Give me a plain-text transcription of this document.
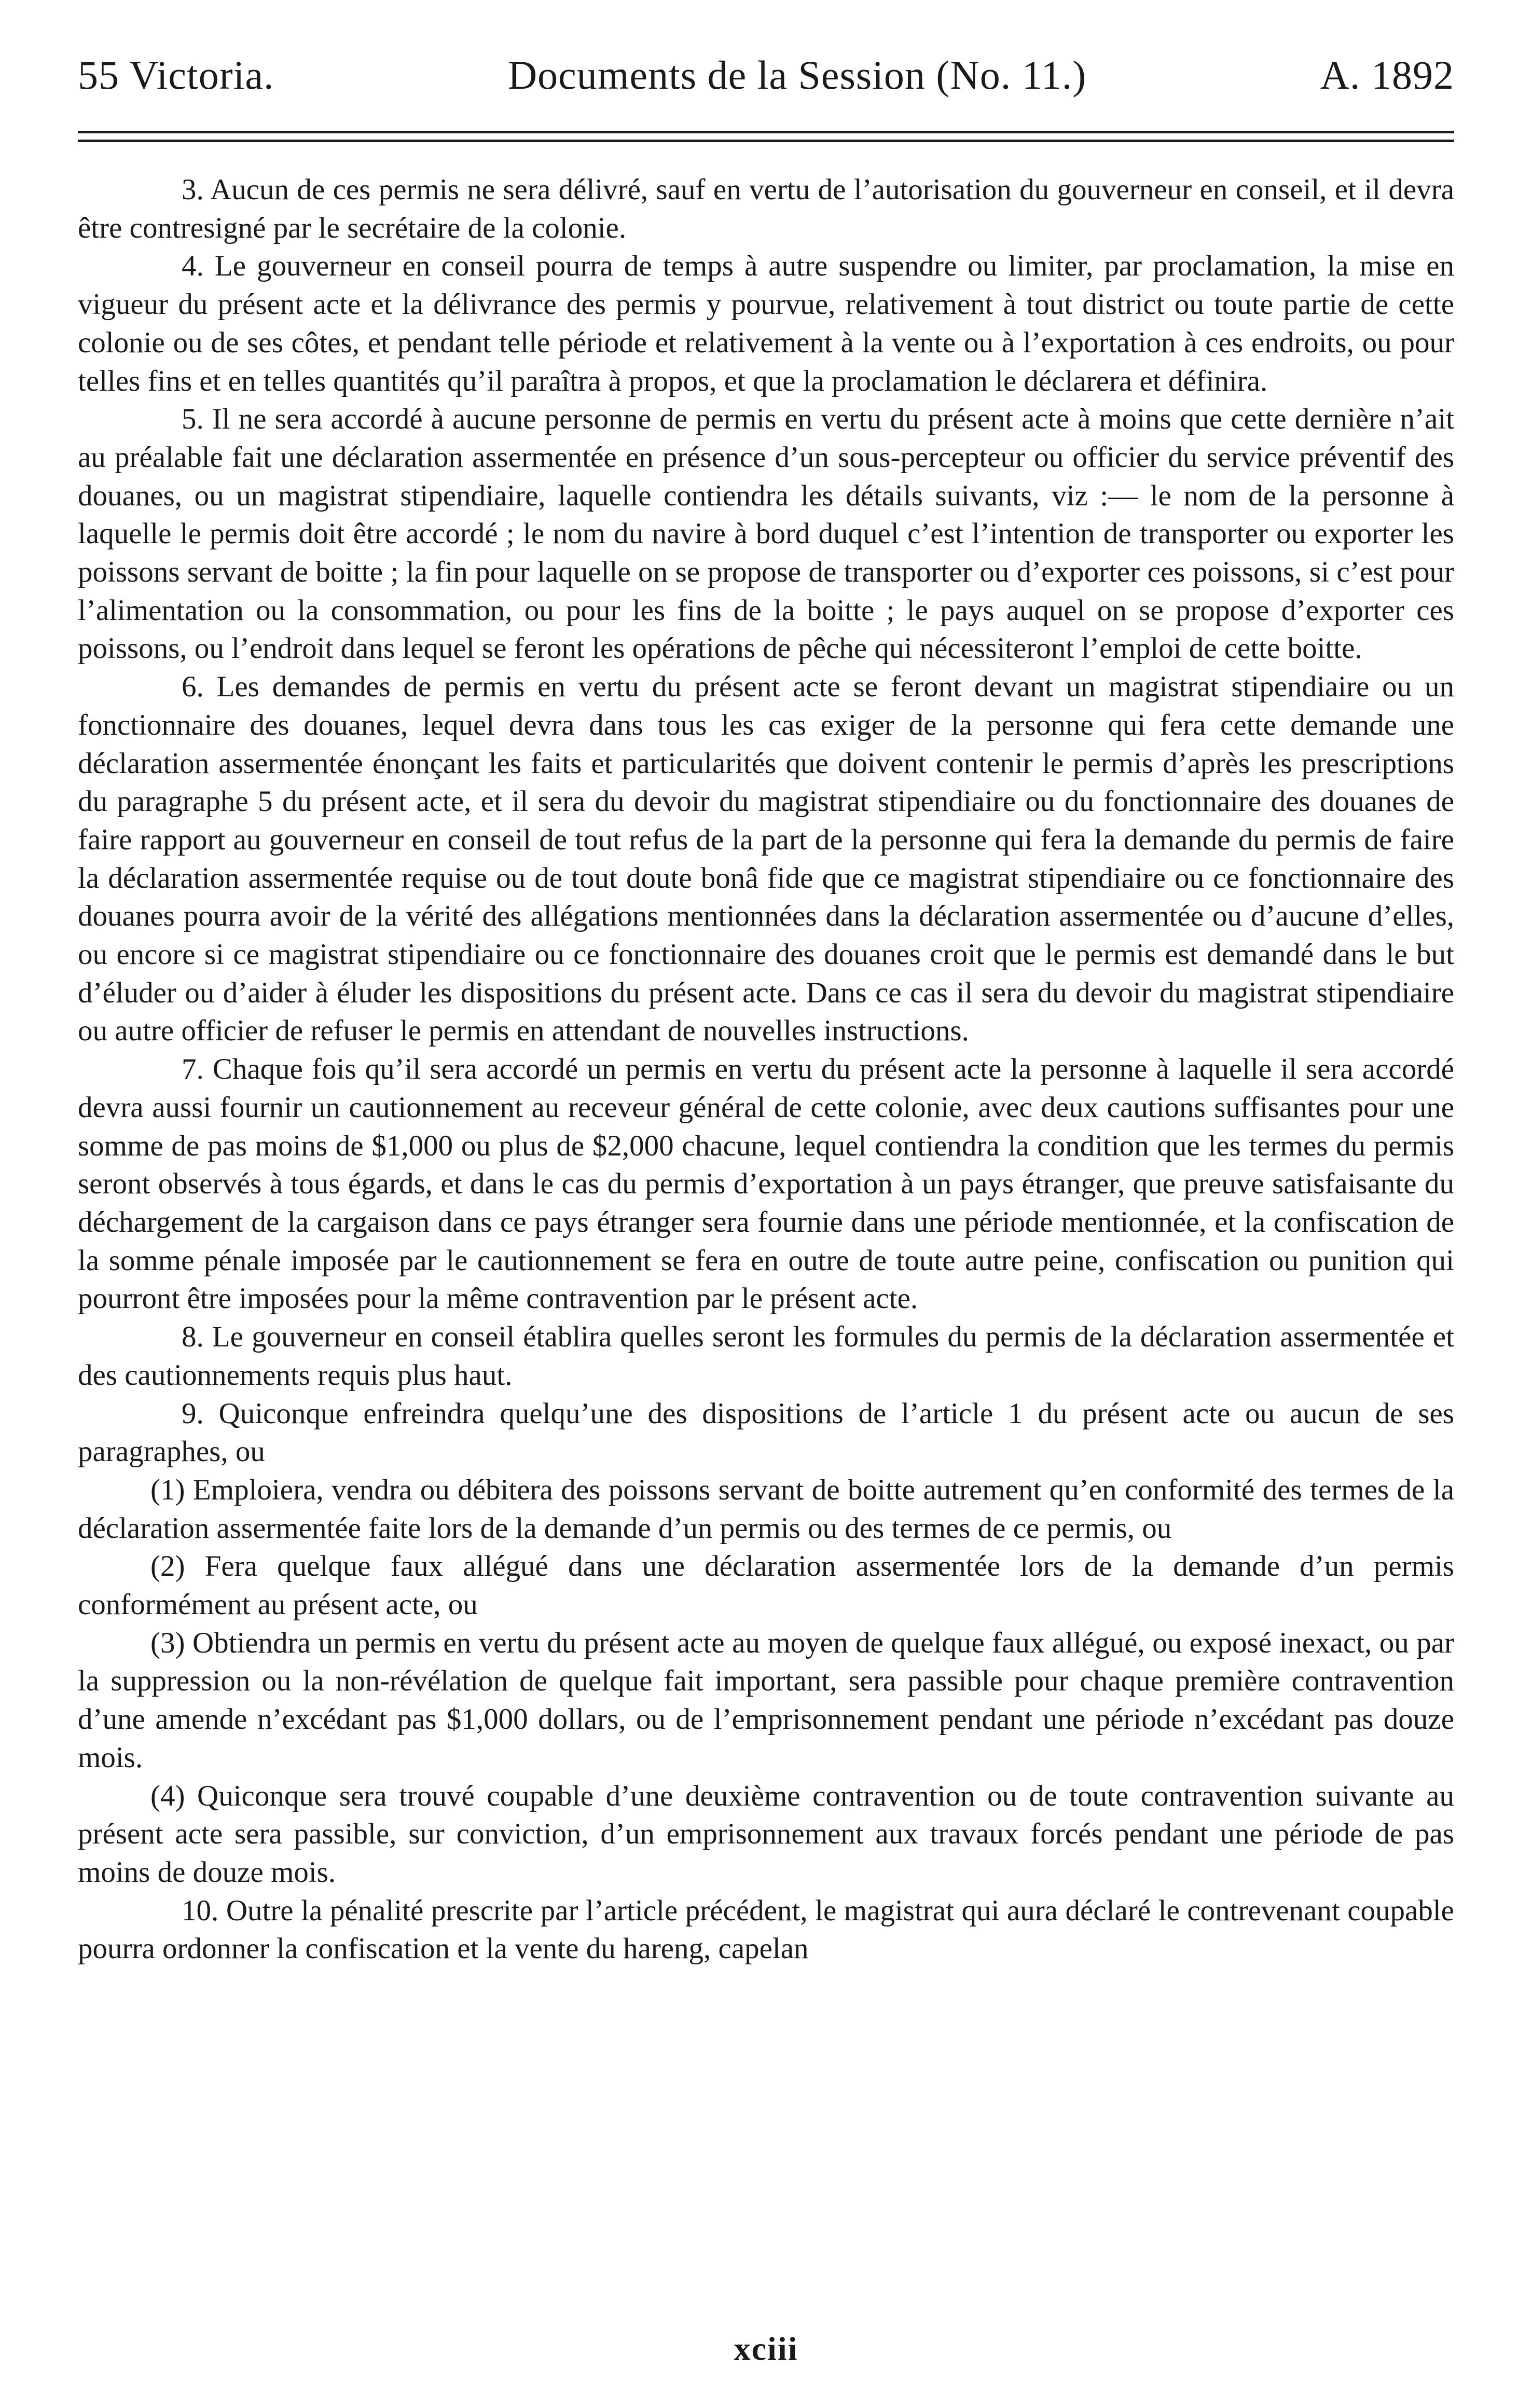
55 Victoria.	Documents de la Session (No. 11.)	A. 1892

3. Aucun de ces permis ne sera délivré, sauf en vertu de l’autorisation du gouverneur en conseil, et il devra être contresigné par le secrétaire de la colonie.

4. Le gouverneur en conseil pourra de temps à autre suspendre ou limiter, par proclamation, la mise en vigueur du présent acte et la délivrance des permis y pourvue, relativement à tout district ou toute partie de cette colonie ou de ses côtes, et pendant telle période et relativement à la vente ou à l’exportation à ces endroits, ou pour telles fins et en telles quantités qu’il paraîtra à propos, et que la proclamation le déclarera et définira.

5. Il ne sera accordé à aucune personne de permis en vertu du présent acte à moins que cette dernière n’ait au préalable fait une déclaration assermentée en présence d’un sous-percepteur ou officier du service préventif des douanes, ou un magistrat stipendiaire, laquelle contiendra les détails suivants, viz :— le nom de la personne à laquelle le permis doit être accordé ; le nom du navire à bord duquel c’est l’intention de transporter ou exporter les poissons servant de boitte ; la fin pour laquelle on se propose de transporter ou d’exporter ces poissons, si c’est pour l’alimentation ou la consommation, ou pour les fins de la boitte ; le pays auquel on se propose d’exporter ces poissons, ou l’endroit dans lequel se feront les opérations de pêche qui nécessiteront l’emploi de cette boitte.

6. Les demandes de permis en vertu du présent acte se feront devant un magistrat stipendiaire ou un fonctionnaire des douanes, lequel devra dans tous les cas exiger de la personne qui fera cette demande une déclaration assermentée énonçant les faits et particularités que doivent contenir le permis d’après les prescriptions du paragraphe 5 du présent acte, et il sera du devoir du magistrat stipendiaire ou du fonctionnaire des douanes de faire rapport au gouverneur en conseil de tout refus de la part de la personne qui fera la demande du permis de faire la déclaration assermentée requise ou de tout doute bonâ fide que ce magistrat stipendiaire ou ce fonctionnaire des douanes pourra avoir de la vérité des allégations mentionnées dans la déclaration assermentée ou d’aucune d’elles, ou encore si ce magistrat stipendiaire ou ce fonctionnaire des douanes croit que le permis est demandé dans le but d’éluder ou d’aider à éluder les dispositions du présent acte. Dans ce cas il sera du devoir du magistrat stipendiaire ou autre officier de refuser le permis en attendant de nouvelles instructions.

7. Chaque fois qu’il sera accordé un permis en vertu du présent acte la personne à laquelle il sera accordé devra aussi fournir un cautionnement au receveur général de cette colonie, avec deux cautions suffisantes pour une somme de pas moins de $1,000 ou plus de $2,000 chacune, lequel contiendra la condition que les termes du permis seront observés à tous égards, et dans le cas du permis d’exportation à un pays étranger, que preuve satisfaisante du déchargement de la cargaison dans ce pays étranger sera fournie dans une période mentionnée, et la confiscation de la somme pénale imposée par le cautionnement se fera en outre de toute autre peine, confiscation ou punition qui pourront être imposées pour la même contravention par le présent acte.

8. Le gouverneur en conseil établira quelles seront les formules du permis de la déclaration assermentée et des cautionnements requis plus haut.

9. Quiconque enfreindra quelqu’une des dispositions de l’article 1 du présent acte ou aucun de ses paragraphes, ou

(1) Emploiera, vendra ou débitera des poissons servant de boitte autrement qu’en conformité des termes de la déclaration assermentée faite lors de la demande d’un permis ou des termes de ce permis, ou

(2) Fera quelque faux allégué dans une déclaration assermentée lors de la demande d’un permis conformément au présent acte, ou

(3) Obtiendra un permis en vertu du présent acte au moyen de quelque faux allégué, ou exposé inexact, ou par la suppression ou la non-révélation de quelque fait important, sera passible pour chaque première contravention d’une amende n’excédant pas $1,000 dollars, ou de l’emprisonnement pendant une période n’excédant pas douze mois.

(4) Quiconque sera trouvé coupable d’une deuxième contravention ou de toute contravention suivante au présent acte sera passible, sur conviction, d’un emprisonnement aux travaux forcés pendant une période de pas moins de douze mois.

10. Outre la pénalité prescrite par l’article précédent, le magistrat qui aura déclaré le contrevenant coupable pourra ordonner la confiscation et la vente du hareng, capelan

xciii
